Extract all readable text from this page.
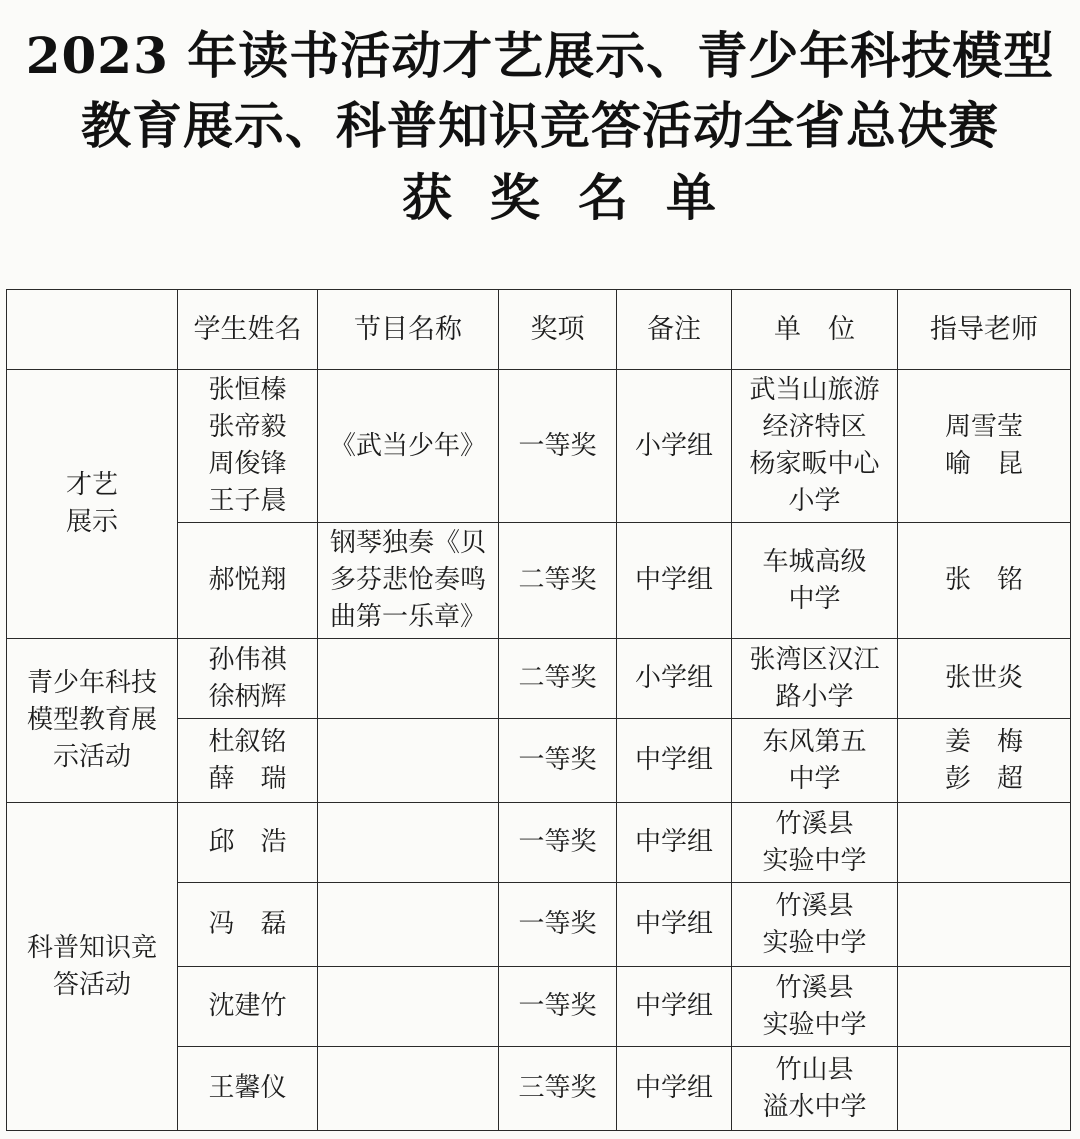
2023 年读书活动才艺展示、青少年科技模型
教育展示、科普知识竞答活动全省总决赛
获奖名单
	学生姓名	节目名称	奖项	备注	单　位	指导老师

才艺
展示	张恒榛
张帝毅
周俊锋
王子晨	《武当少年》	一等奖	小学组	武当山旅游
经济特区
杨家畈中心
小学	周雪莹
喻　昆

	郝悦翔	钢琴独奏《贝
多芬悲怆奏鸣
曲第一乐章》	二等奖	中学组	车城高级
中学	张　铭

青少年科技
模型教育展
示活动	孙伟祺
徐柄辉		二等奖	小学组	张湾区汉江
路小学	张世炎

	杜叙铭
薛　瑞		一等奖	中学组	东风第五
中学	姜　梅
彭　超

科普知识竞
答活动	邱　浩		一等奖	中学组	竹溪县
实验中学	

	冯　磊		一等奖	中学组	竹溪县
实验中学	

	沈建竹		一等奖	中学组	竹溪县
实验中学	

	王馨仪		三等奖	中学组	竹山县
溢水中学	
